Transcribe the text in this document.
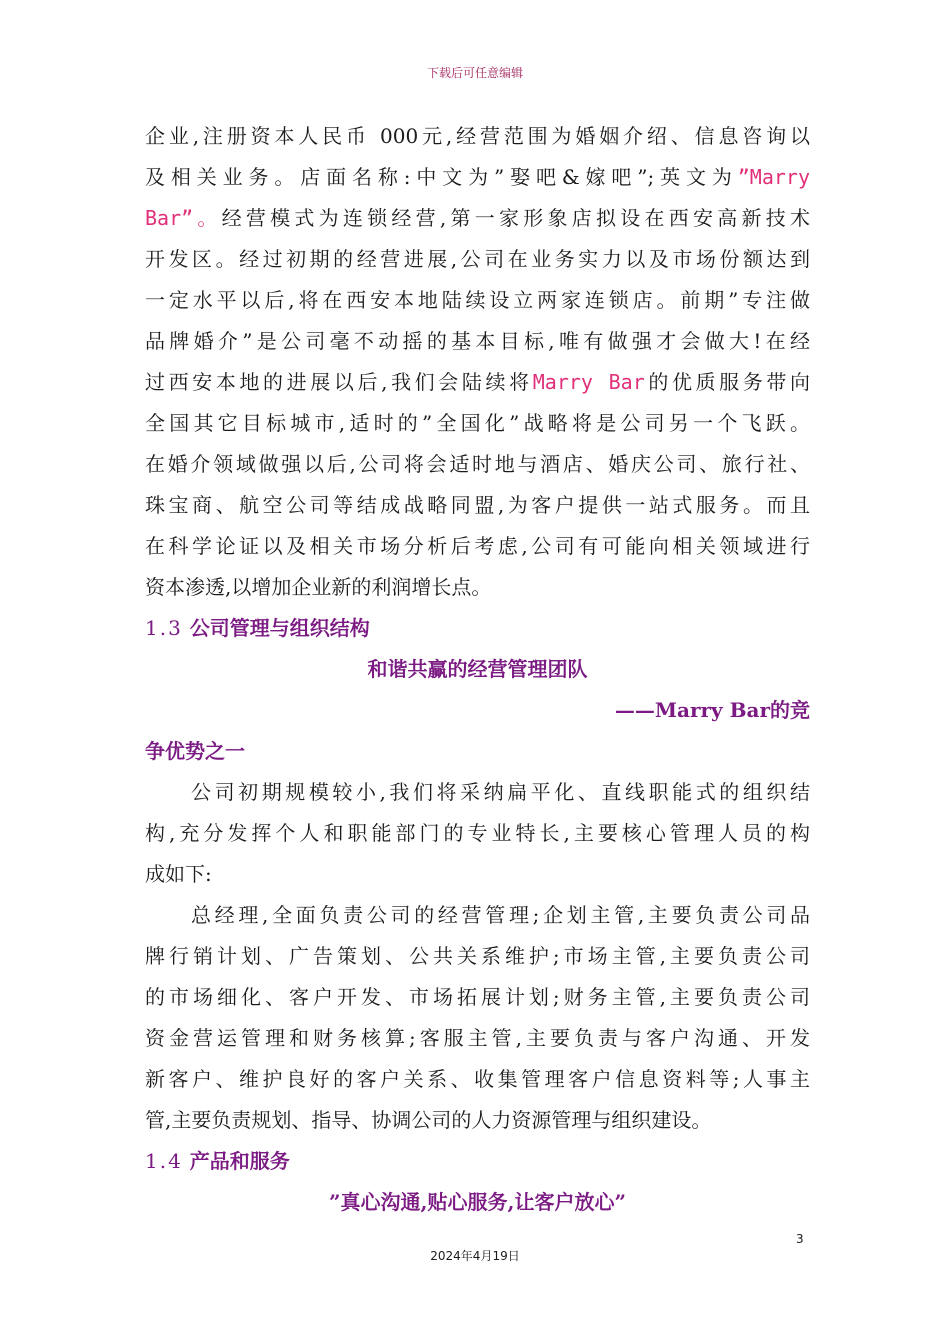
下载后可任意编辑
企业,注册资本人民币 000元,经营范围为婚姻介绍、信息咨询以
及相关业务。店面名称:中文为”娶吧&嫁吧”;英文为”Marry
Bar”。经营模式为连锁经营,第一家形象店拟设在西安高新技术
开发区。经过初期的经营进展,公司在业务实力以及市场份额达到
一定水平以后,将在西安本地陆续设立两家连锁店。前期”专注做
品牌婚介”是公司毫不动摇的基本目标,唯有做强才会做大!在经
过西安本地的进展以后,我们会陆续将Marry Bar的优质服务带向
全国其它目标城市,适时的”全国化”战略将是公司另一个飞跃。
在婚介领域做强以后,公司将会适时地与酒店、婚庆公司、旅行社、
珠宝商、航空公司等结成战略同盟,为客户提供一站式服务。而且
在科学论证以及相关市场分析后考虑,公司有可能向相关领域进行
资本渗透,以增加企业新的利润增长点。
1.3 公司管理与组织结构
和谐共赢的经营管理团队
——Marry Bar的竞
争优势之一
公司初期规模较小,我们将采纳扁平化、直线职能式的组织结
构,充分发挥个人和职能部门的专业特长,主要核心管理人员的构
成如下:
总经理,全面负责公司的经营管理;企划主管,主要负责公司品
牌行销计划、广告策划、公共关系维护;市场主管,主要负责公司
的市场细化、客户开发、市场拓展计划;财务主管,主要负责公司
资金营运管理和财务核算;客服主管,主要负责与客户沟通、开发
新客户、维护良好的客户关系、收集管理客户信息资料等;人事主
管,主要负责规划、指导、协调公司的人力资源管理与组织建设。
1.4 产品和服务
”真心沟通,贴心服务,让客户放心”
3
2024年4月19日
